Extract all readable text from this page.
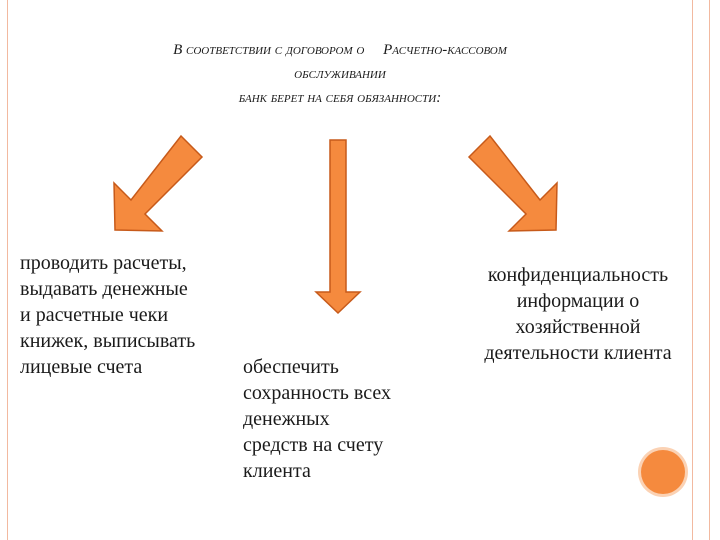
В соответствии с договором о Расчетно-кассовом
обслуживании
банк берет на себя обязанности:
проводить расчеты,
выдавать денежные
и расчетные чеки
книжек, выписывать
лицевые счета	обеспечить
сохранность всех
денежных
средств на счету
клиента
конфиденциальность
информации о
хозяйственной
деятельности клиента
